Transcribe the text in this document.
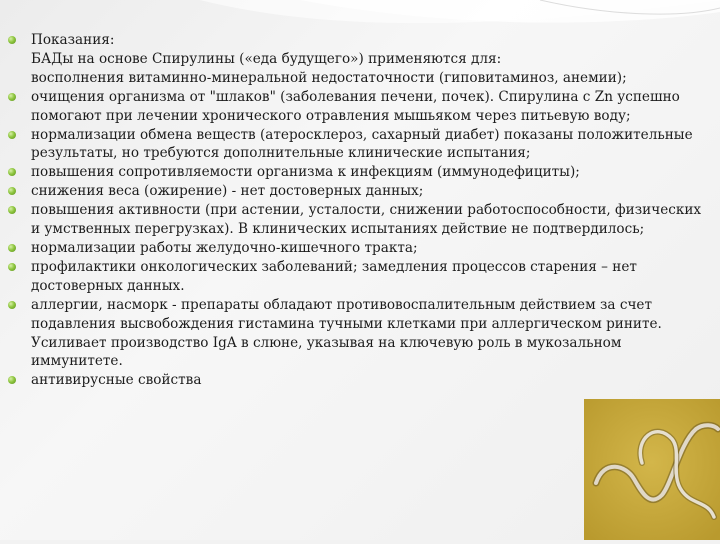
Показания:
БАДы на основе Спирулины («еда будущего») применяются для:
восполнения витаминно-минеральной недостаточности (гиповитаминоз, анемии);
очищения организма от "шлаков" (заболевания печени, почек). Спирулина с Zn успешно помогают при лечении хронического отравления мышьяком через питьевую воду;
нормализации обмена веществ (атеросклероз, сахарный диабет) показаны положительные результаты, но требуются дополнительные клинические испытания;
повышения сопротивляемости организма к инфекциям (иммунодефициты);
снижения веса (ожирение) - нет достоверных данных;
повышения активности (при астении, усталости, снижении работоспособности, физических и умственных перегрузках). В клинических испытаниях действие не подтвердилось;
нормализации работы желудочно-кишечного тракта;
профилактики онкологических заболеваний; замедления процессов старения – нет достоверных данных.
аллергии, насморк - препараты обладают противовоспалительным действием за счет подавления высвобождения гистамина тучными клетками при аллергическом рините. Усиливает производство IgA в слюне, указывая на ключевую роль в мукозальном иммунитете.
антивирусные свойства
